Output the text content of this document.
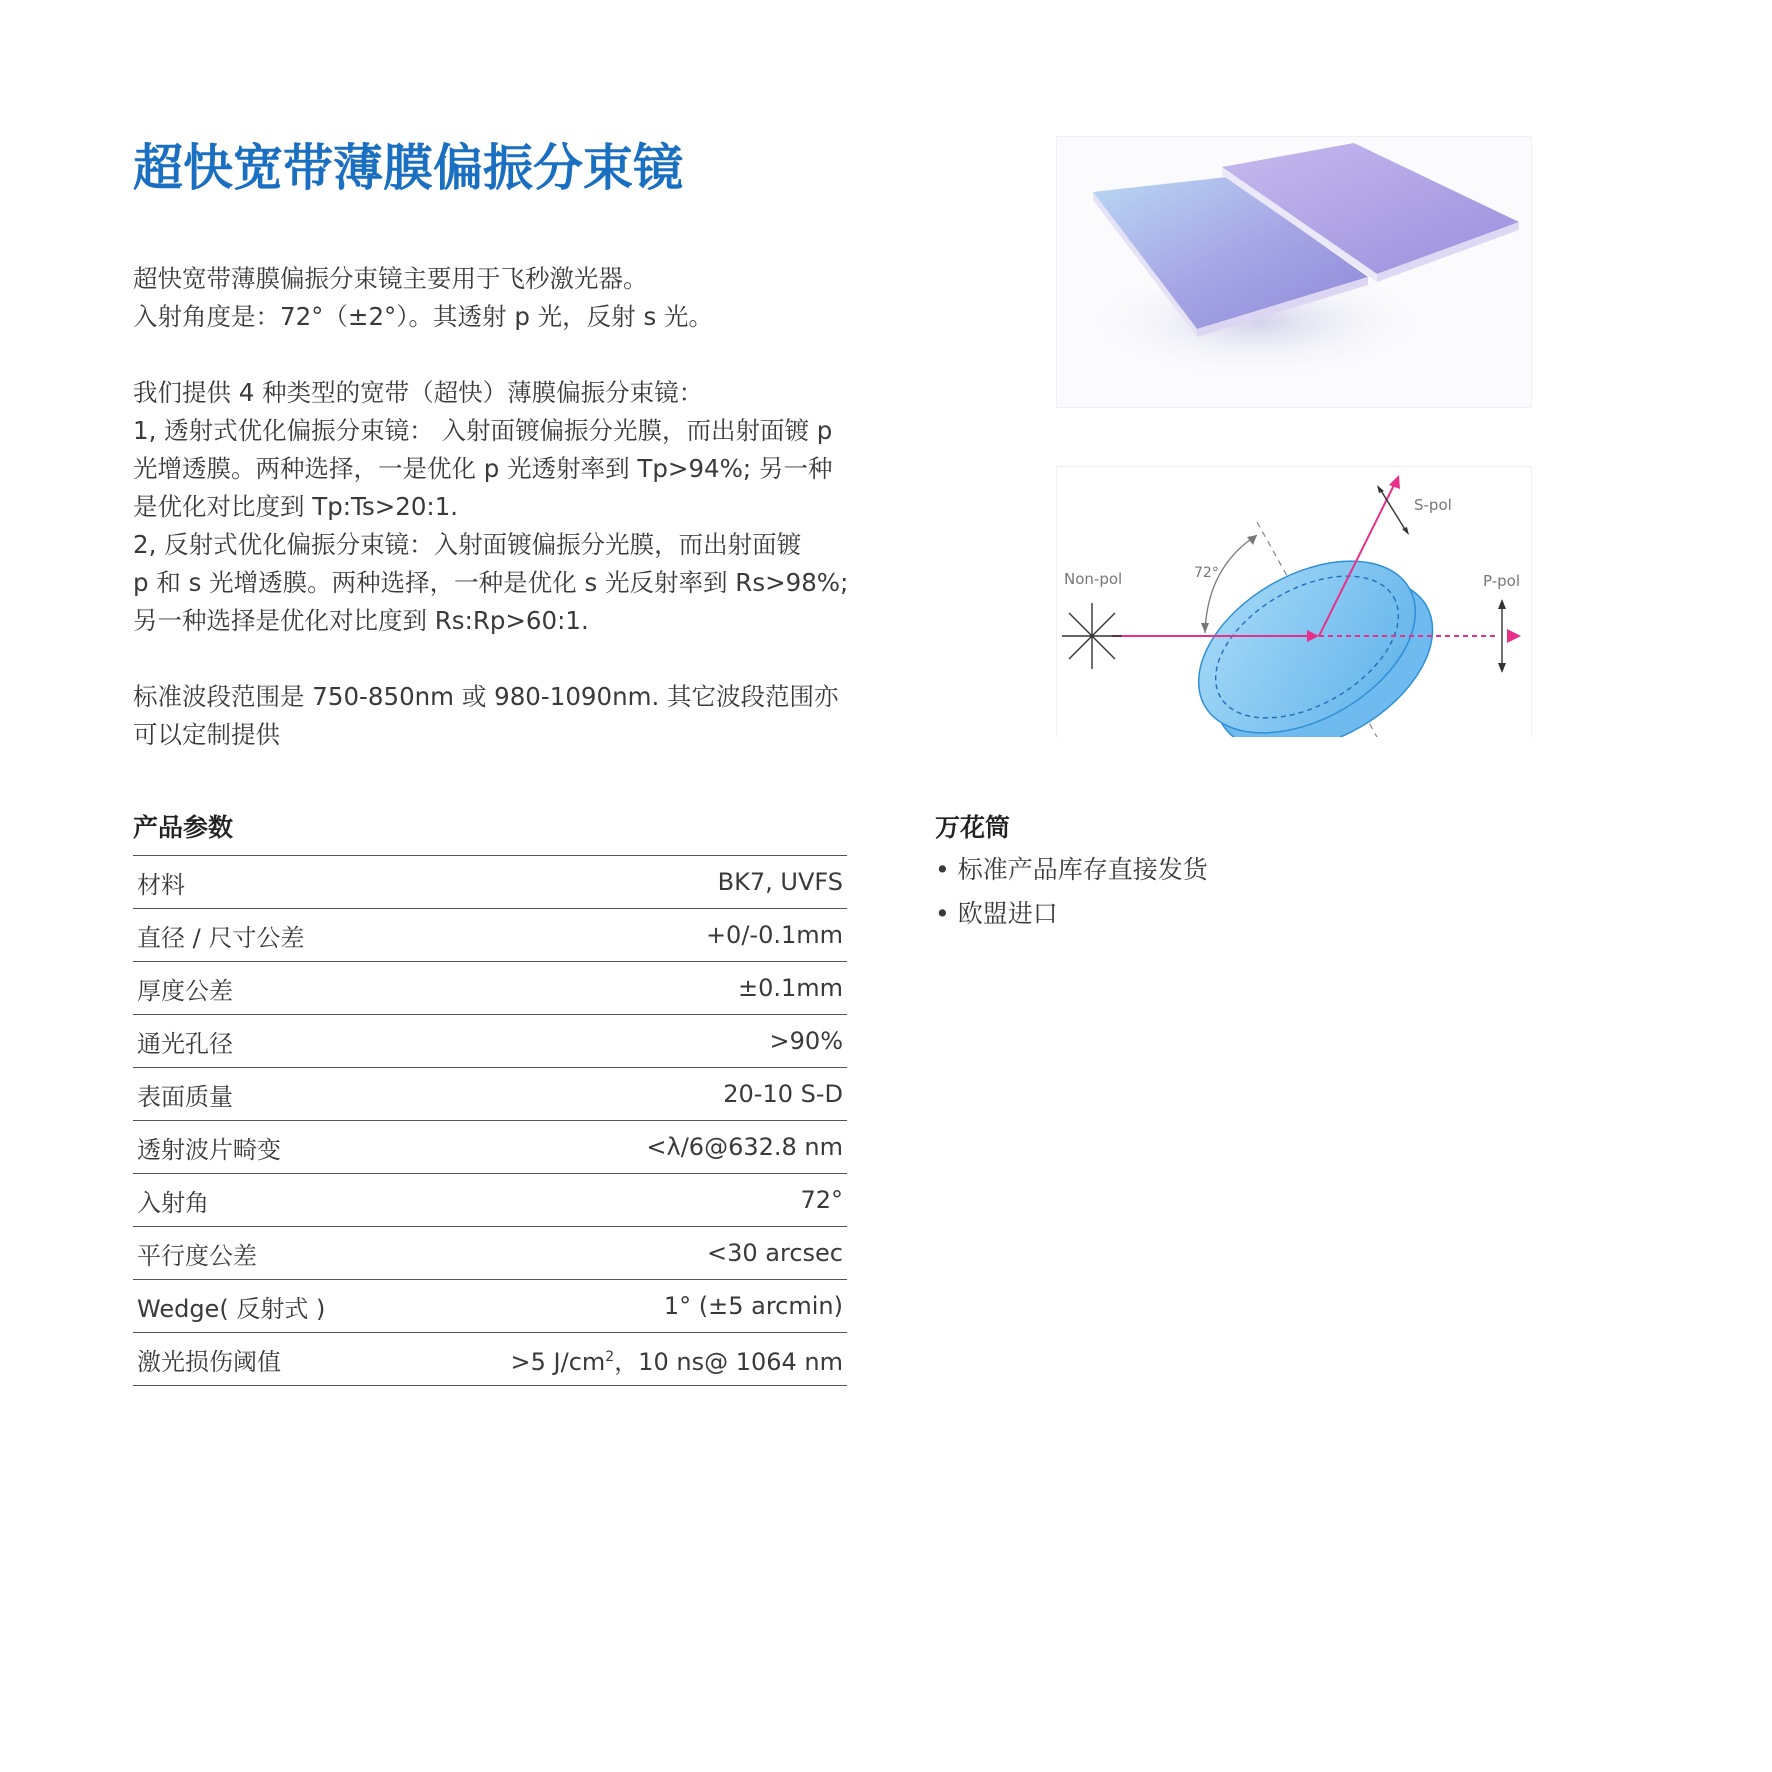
超快宽带薄膜偏振分束镜

超快宽带薄膜偏振分束镜主要用于飞秒激光器。

入射角度是：72°（±2°）。其透射 p 光，反射 s 光。

我们提供 4 种类型的宽带（超快）薄膜偏振分束镜：

1, 透射式优化偏振分束镜： 入射面镀偏振分光膜，而出射面镀 p

光增透膜。两种选择，一是优化 p 光透射率到 Tp>94%; 另一种

是优化对比度到 Tp:Ts>20:1.

2, 反射式优化偏振分束镜：入射面镀偏振分光膜，而出射面镀

p 和 s 光增透膜。两种选择，一种是优化 s 光反射率到 Rs>98%;

另一种选择是优化对比度到 Rs:Rp>60:1.

标准波段范围是 750-850nm 或 980-1090nm. 其它波段范围亦

可以定制提供

72°
S-pol
Non-pol	P-pol
产品参数
材料	BK7, UVFS
直径 / 尺寸公差	+0/-0.1mm
厚度公差	±0.1mm
通光孔径	>90%
表面质量	20-10 S-D
透射波片畸变	<λ/6@632.8 nm
入射角	72°
平行度公差	<30 arcsec
Wedge( 反射式 )	1° (±5 arcmin)
激光损伤阈值	>5 $J/cm^2$，10 ns@ 1064 nm
万花筒
• 标准产品库存直接发货
• 欧盟进口
